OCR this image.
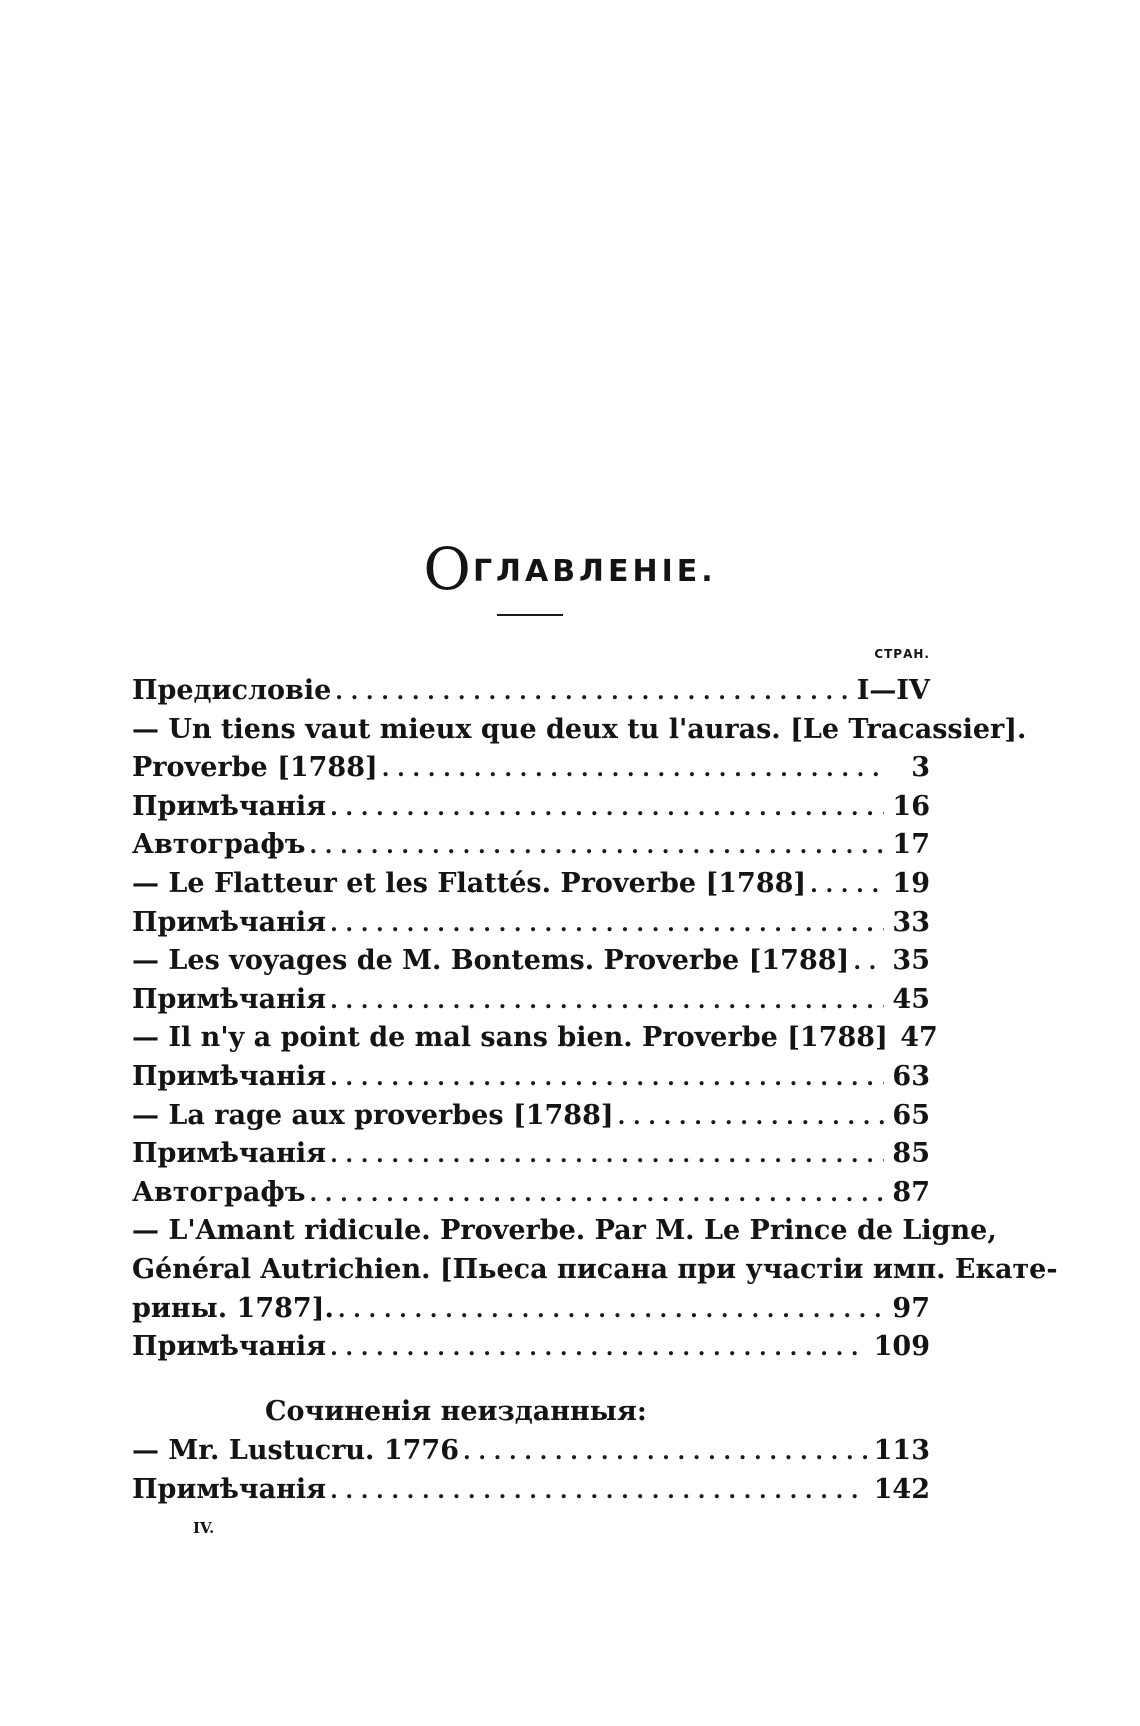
ΟГЛАВЛЕНІЕ.
СТРАН.
Предисловіе . . .	І—IV
— Un tiens vaut mieux que deux tu l'auras. [Le Tracassier].
Proverbe [1788] . . .	3
Примѣчанія . . .	16
Автографъ . . .	17
— Le Flatteur et les Flattés. Proverbe [1788] . . .	19
Примѣчанія . . .	33
— Les voyages de M. Bontems. Proverbe [1788] . . . 35
Примѣчанія . . .	45
— Il n'y a point de mal sans bien. Proverbe [1788] 47
Примѣчанія . . .	63
— La rage aux proverbes [1788] . . .	65
Примѣчанія . . .	85
Автографъ . . .	87
— L'Amant ridicule. Proverbe. Par M. Le Prince de Ligne,
Général Autrichien. [Пьеса писана при участіи имп. Екате-
рины. 1787]. . . .	97
Примѣчанія . . .	109
Сочиненія неизданныя:
— Mr. Lustucru. 1776 . . .	113
Примѣчанія . . .	142
IV.
